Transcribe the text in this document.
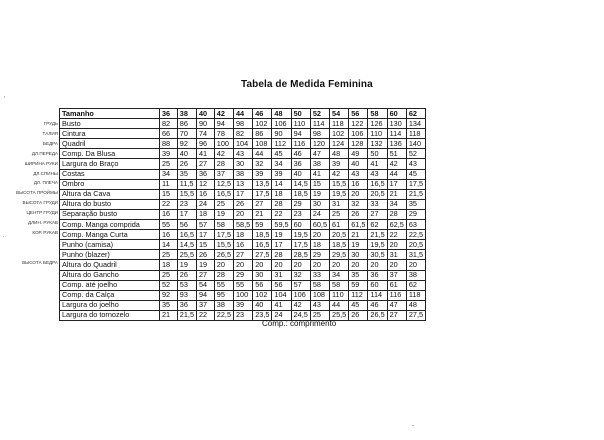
Tabela de Medida Feminina
ГРУДЬ
ТАЛИЯ
БЕДРА
ДЛ.ПЕРЕДА
ШИРИНА РУКИ
ДЛ.СПИНЫ
ДЛ. ПЛЕЧА
ВЫСОТА ПРОЙМЫ
ВЫСОТА ГРУДИ
ЦЕНТР ГРУДИ
ДЛИН. РУКАВ
КОР. РУКАВ
ВЫСОТА БЕДРА
Tamanho	36	38	40	42	44	46	48	50	52	54	56	58	60	62
Busto	82	86	90	94	98	102	106	110	114	118	122	126	130	134
Cintura	66	70	74	78	82	86	90	94	98	102	106	110	114	118
Quadril	88	92	96	100	104	108	112	116	120	124	128	132	136	140
Comp. Da Blusa	39	40	41	42	43	44	45	46	47	48	49	50	51	52
Largura do Braço	25	26	27	28	30	32	34	36	38	39	40	41	42	43
Costas	34	35	36	37	38	39	39	40	41	42	43	43	44	45
Ombro	11	11,5	12	12,5	13	13,5	14	14,5	15	15,5	16	16,5	17	17,5
Altura da Cava	15	15,5	16	16,5	17	17,5	18	18,5	19	19,5	20	20,5	21	21,5
Altura do busto	22	23	24	25	26	27	28	29	30	31	32	33	34	35
Separação busto	16	17	18	19	20	21	22	23	24	25	26	27	28	29
Comp. Manga comprida	55	56	57	58	58,5	59	59,5	60	60,5	61	61,5	62	62,5	63
Comp. Manga Curta	16	16,5	17	17,5	18	18,5	19	19,5	20	20,5	21	21,5	22	22,5
Punho (camisa)	14	14,5	15	15,5	16	16,5	17	17,5	18	18,5	19	19,5	20	20,5
Punho (blazer)	25	25,5	26	26,5	27	27,5	28	28,5	29	29,5	30	30,5	31	31,5
Altura do Quadril	18	19	19	20	20	20	20	20	20	20	20	20	20	20
Altura do Gancho	25	26	27	28	29	30	31	32	33	34	35	36	37	38
Comp. até joelho	52	53	54	55	55	56	56	57	58	58	59	60	61	62
Comp. da Calça	92	93	94	95	100	102	104	106	108	110	112	114	116	118
Largura do joelho	35	36	37	38	39	40	41	42	43	44	45	46	47	48
Largura do tornozelo	21	21,5	22	22,5	23	23,5	24	24,5	25	25,5	26	26,5	27	27,5
Comp.: comprimento
